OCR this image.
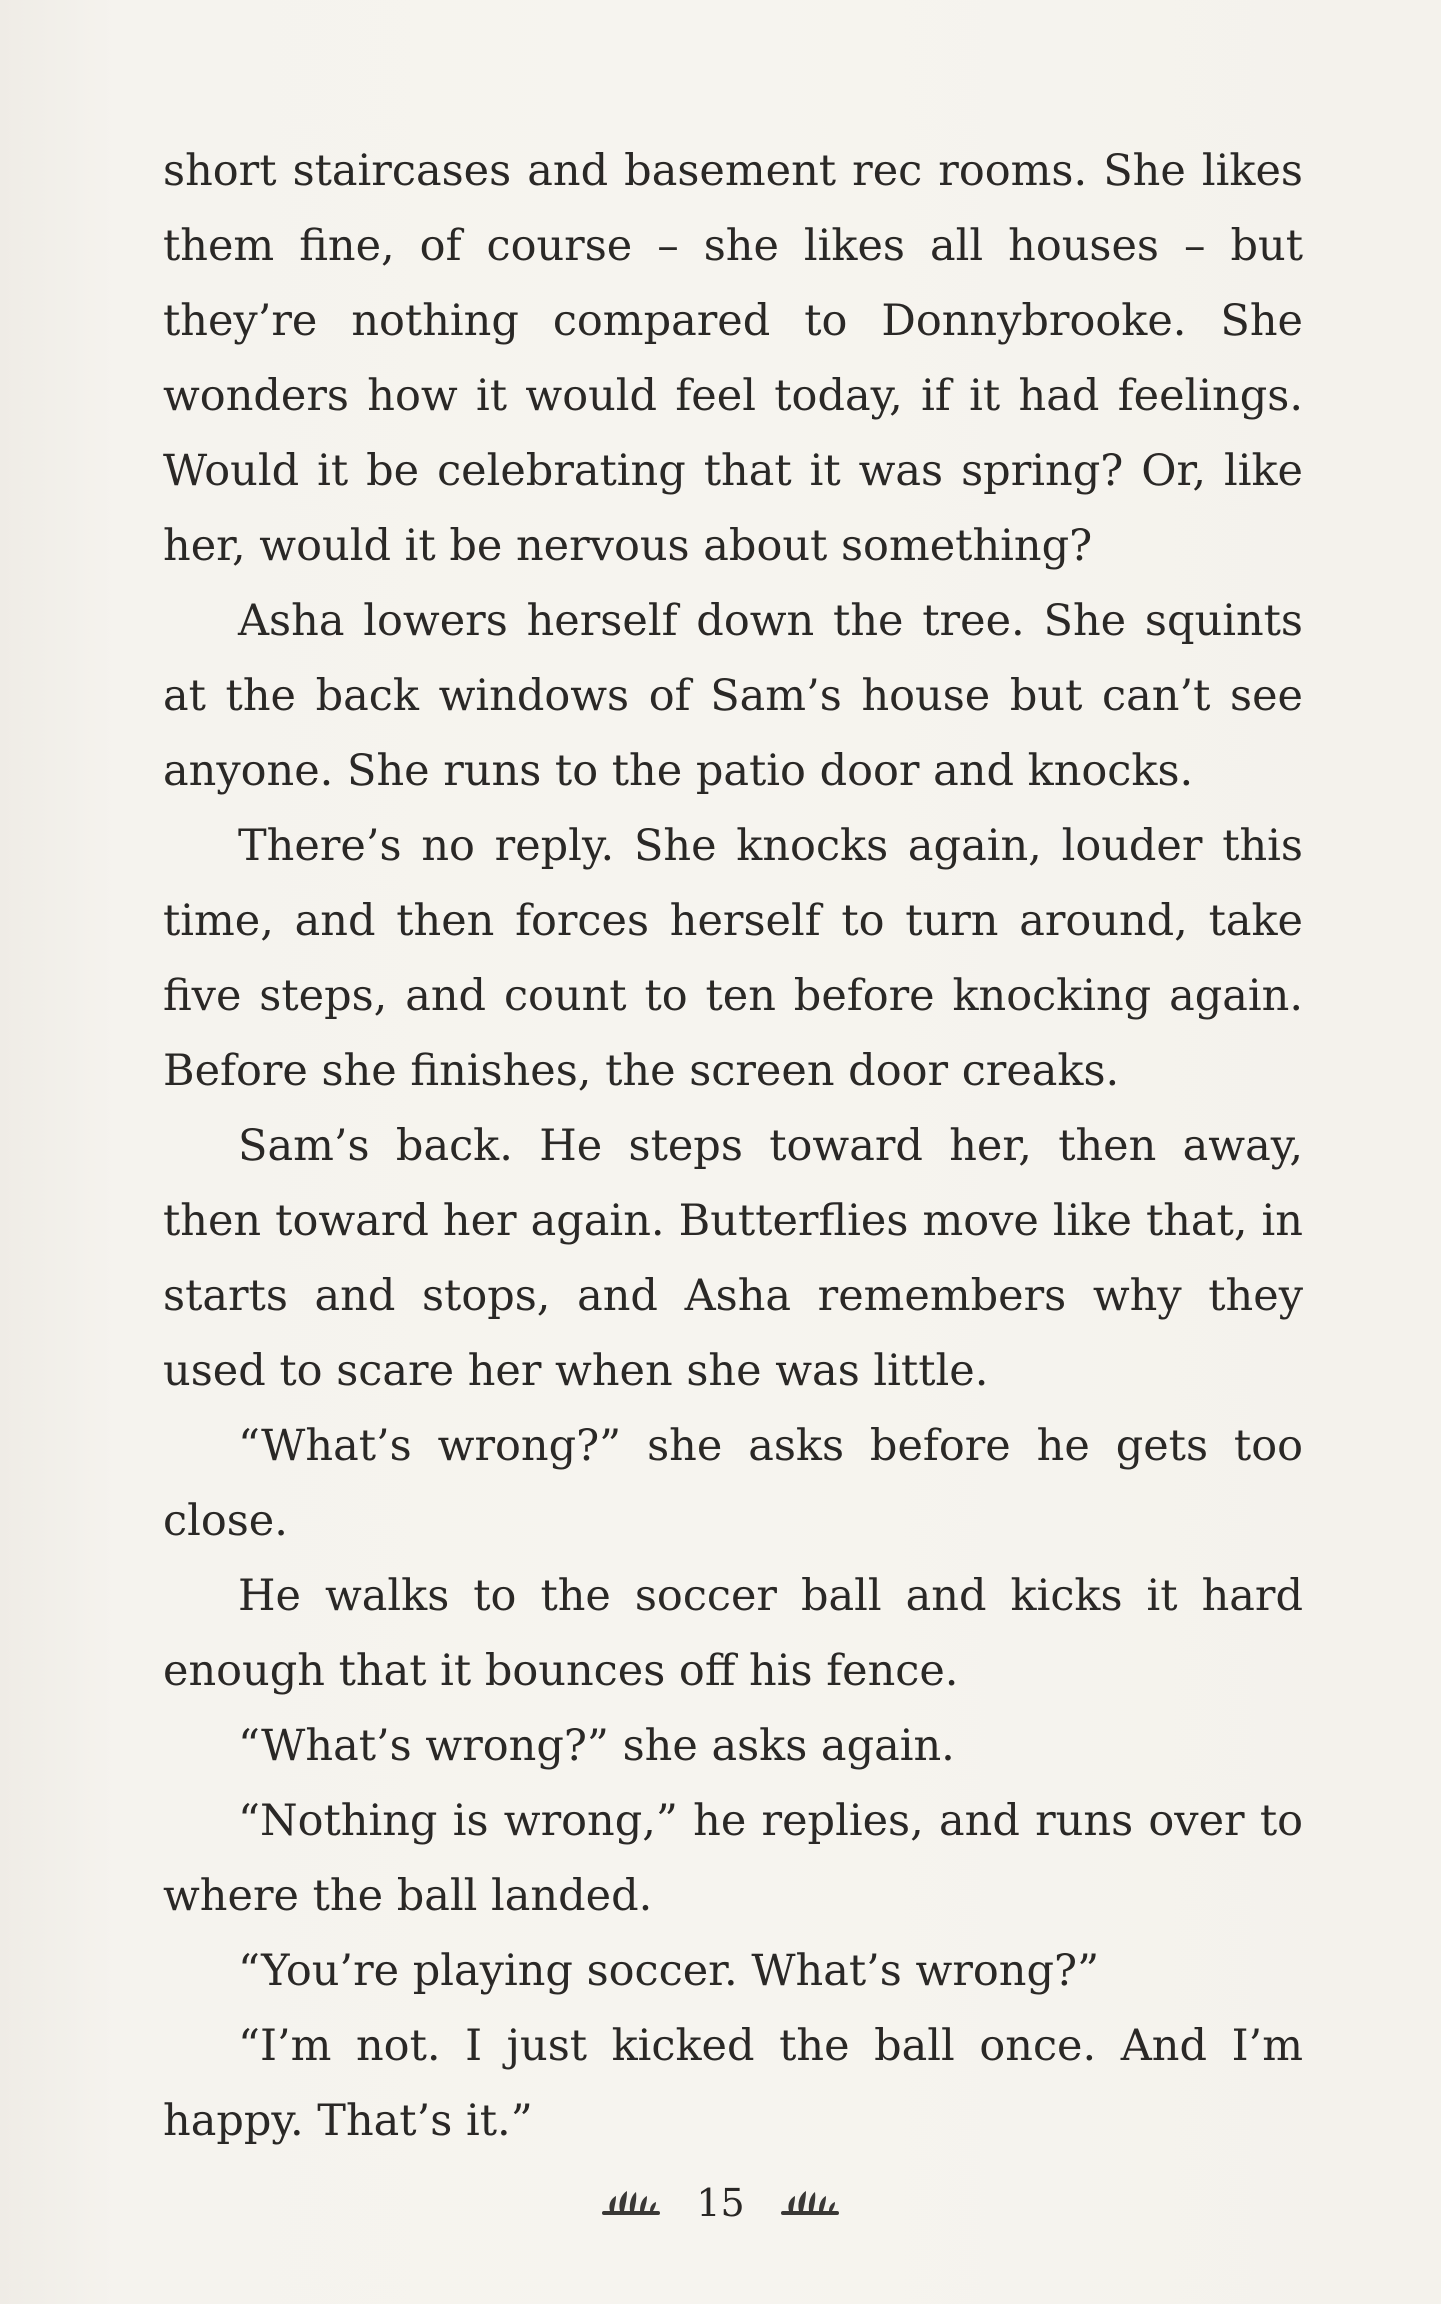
short staircases and basement rec rooms. She likes them fine, of course – she likes all houses – but they’re nothing compared to Donnybrooke. She wonders how it would feel today, if it had feelings. Would it be celebrating that it was spring? Or, like her, would it be nervous about something?

Asha lowers herself down the tree. She squints at the back windows of Sam’s house but can’t see anyone. She runs to the patio door and knocks.

There’s no reply. She knocks again, louder this time, and then forces herself to turn around, take five steps, and count to ten before knocking again. Before she finishes, the screen door creaks.

Sam’s back. He steps toward her, then away, then toward her again. Butterflies move like that, in starts and stops, and Asha remembers why they used to scare her when she was little.

“What’s wrong?” she asks before he gets too close.

He walks to the soccer ball and kicks it hard enough that it bounces off his fence.

“What’s wrong?” she asks again.

“Nothing is wrong,” he replies, and runs over to where the ball landed.

“You’re playing soccer. What’s wrong?”

“I’m not. I just kicked the ball once. And I’m happy. That’s it.”

15
